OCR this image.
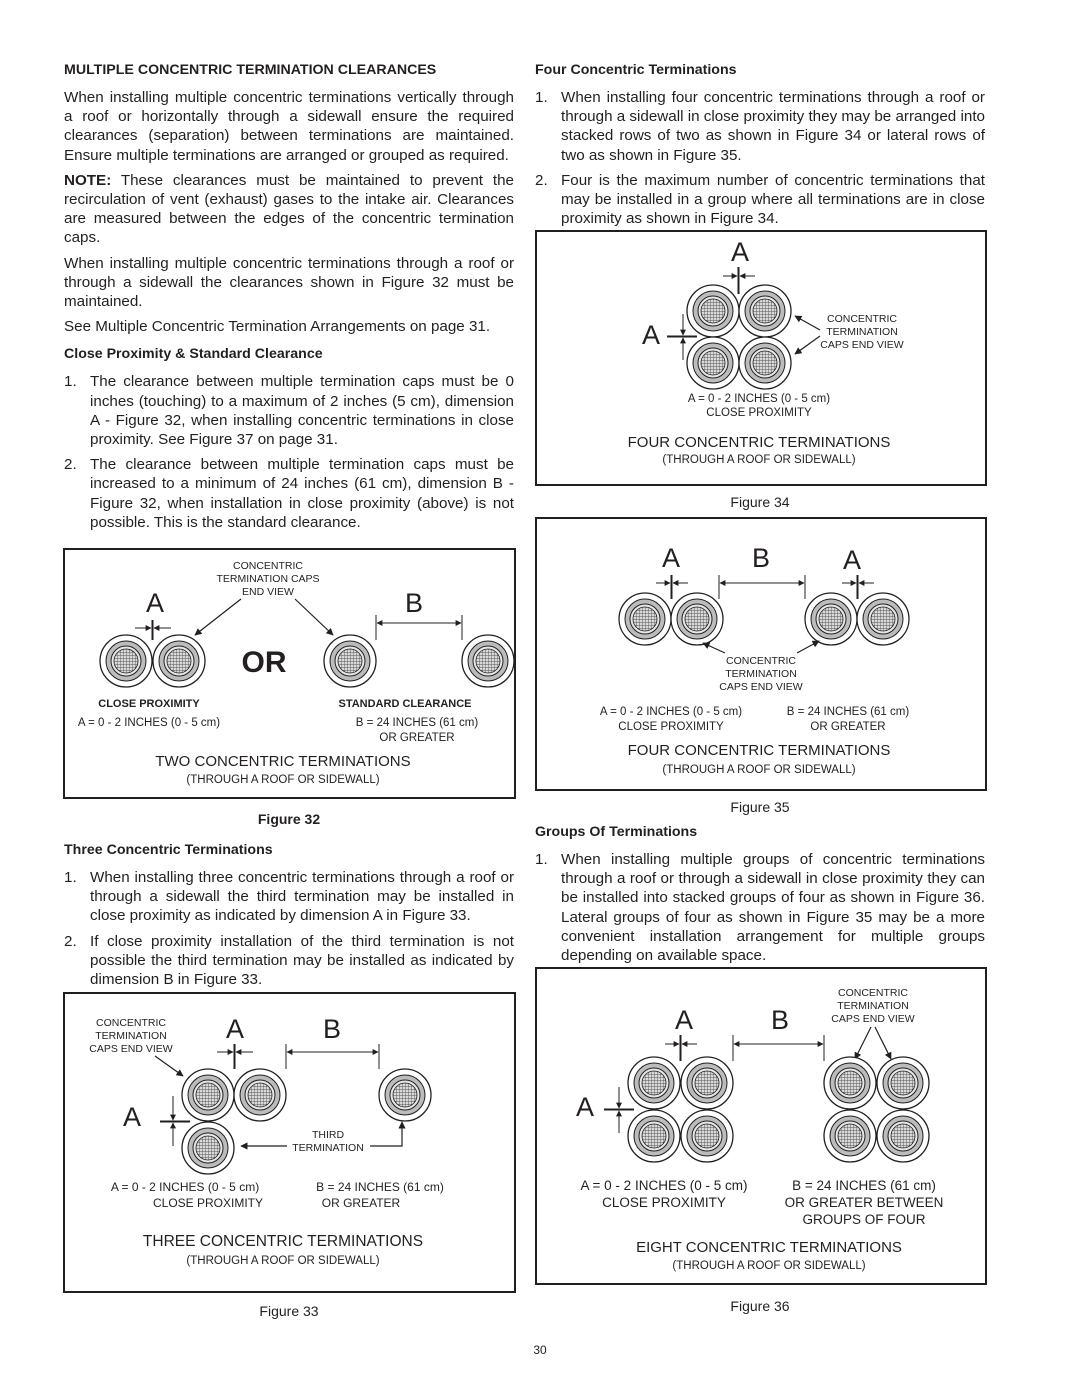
MULTIPLE CONCENTRIC TERMINATION CLEARANCES

When installing multiple concentric terminations vertically through a roof or horizontally through a sidewall ensure the required clearances (separation) between terminations are maintained. Ensure multiple terminations are arranged or grouped as required.

NOTE: These clearances must be maintained to prevent the recirculation of vent (exhaust) gases to the intake air. Clearances are measured between the edges of the concentric termination caps.

When installing multiple concentric terminations through a roof or through a sidewall the clearances shown in Figure 32 must be maintained.

See Multiple Concentric Termination Arrangements on page 31.

Close Proximity & Standard Clearance
1. The clearance between multiple termination caps must be 0 inches (touching) to a maximum of 2 inches (5 cm), dimension A - Figure 32, when installing concentric terminations in close proximity. See Figure 37 on page 31.
2. The clearance between multiple termination caps must be increased to a minimum of 24 inches (61 cm), dimension B - Figure 32, when installation in close proximity (above) is not possible. This is the standard clearance.
Three Concentric Terminations
1. When installing three concentric terminations through a roof or through a sidewall the third termination may be installed in close proximity as indicated by dimension A in Figure 33.
2. If close proximity installation of the third termination is not possible the third termination may be installed as indicated by dimension B in Figure 33.
Four Concentric Terminations
1. When installing four concentric terminations through a roof or through a sidewall in close proximity they may be arranged into stacked rows of two as shown in Figure 34 or lateral rows of two as shown in Figure 35.
2. Four is the maximum number of concentric terminations that may be installed in a group where all terminations are in close proximity as shown in Figure 34.
Groups Of Terminations
1. When installing multiple groups of concentric terminations through a roof or through a sidewall in close proximity they can be installed into stacked groups of four as shown in Figure 36. Lateral groups of four as shown in Figure 35 may be a more convenient installation arrangement for multiple groups depending on available space.
A	B
CONCENTRIC
TERMINATION CAPS
END VIEW
OR
CLOSE PROXIMITY
A = 0 - 2 INCHES (0 - 5 cm)
STANDARD CLEARANCE
B = 24 INCHES (61 cm)
OR GREATER
TWO CONCENTRIC TERMINATIONS
(THROUGH A ROOF OR SIDEWALL)
Figure 32
CONCENTRIC
TERMINATION
CAPS END VIEW
A	B
A
THIRD
TERMINATION
A = 0 - 2 INCHES (0 - 5 cm)
CLOSE PROXIMITY
B = 24 INCHES (61 cm)
OR GREATER
THREE CONCENTRIC TERMINATIONS
(THROUGH A ROOF OR SIDEWALL)
Figure 33
A
A
CONCENTRIC
TERMINATION
CAPS END VIEW
A = 0 - 2 INCHES (0 - 5 cm)
CLOSE PROXIMITY
FOUR CONCENTRIC TERMINATIONS
(THROUGH A ROOF OR SIDEWALL)
Figure 34
A	B	A
CONCENTRIC
TERMINATION
CAPS END VIEW
A = 0 - 2 INCHES (0 - 5 cm)
CLOSE PROXIMITY
B = 24 INCHES (61 cm)
OR GREATER
FOUR CONCENTRIC TERMINATIONS
(THROUGH A ROOF OR SIDEWALL)
Figure 35
CONCENTRIC
TERMINATION
CAPS END VIEW
A	B
A
A = 0 - 2 INCHES (0 - 5 cm)
CLOSE PROXIMITY
B = 24 INCHES (61 cm)
OR GREATER BETWEEN
GROUPS OF FOUR
EIGHT CONCENTRIC TERMINATIONS
(THROUGH A ROOF OR SIDEWALL)
Figure 36
30
